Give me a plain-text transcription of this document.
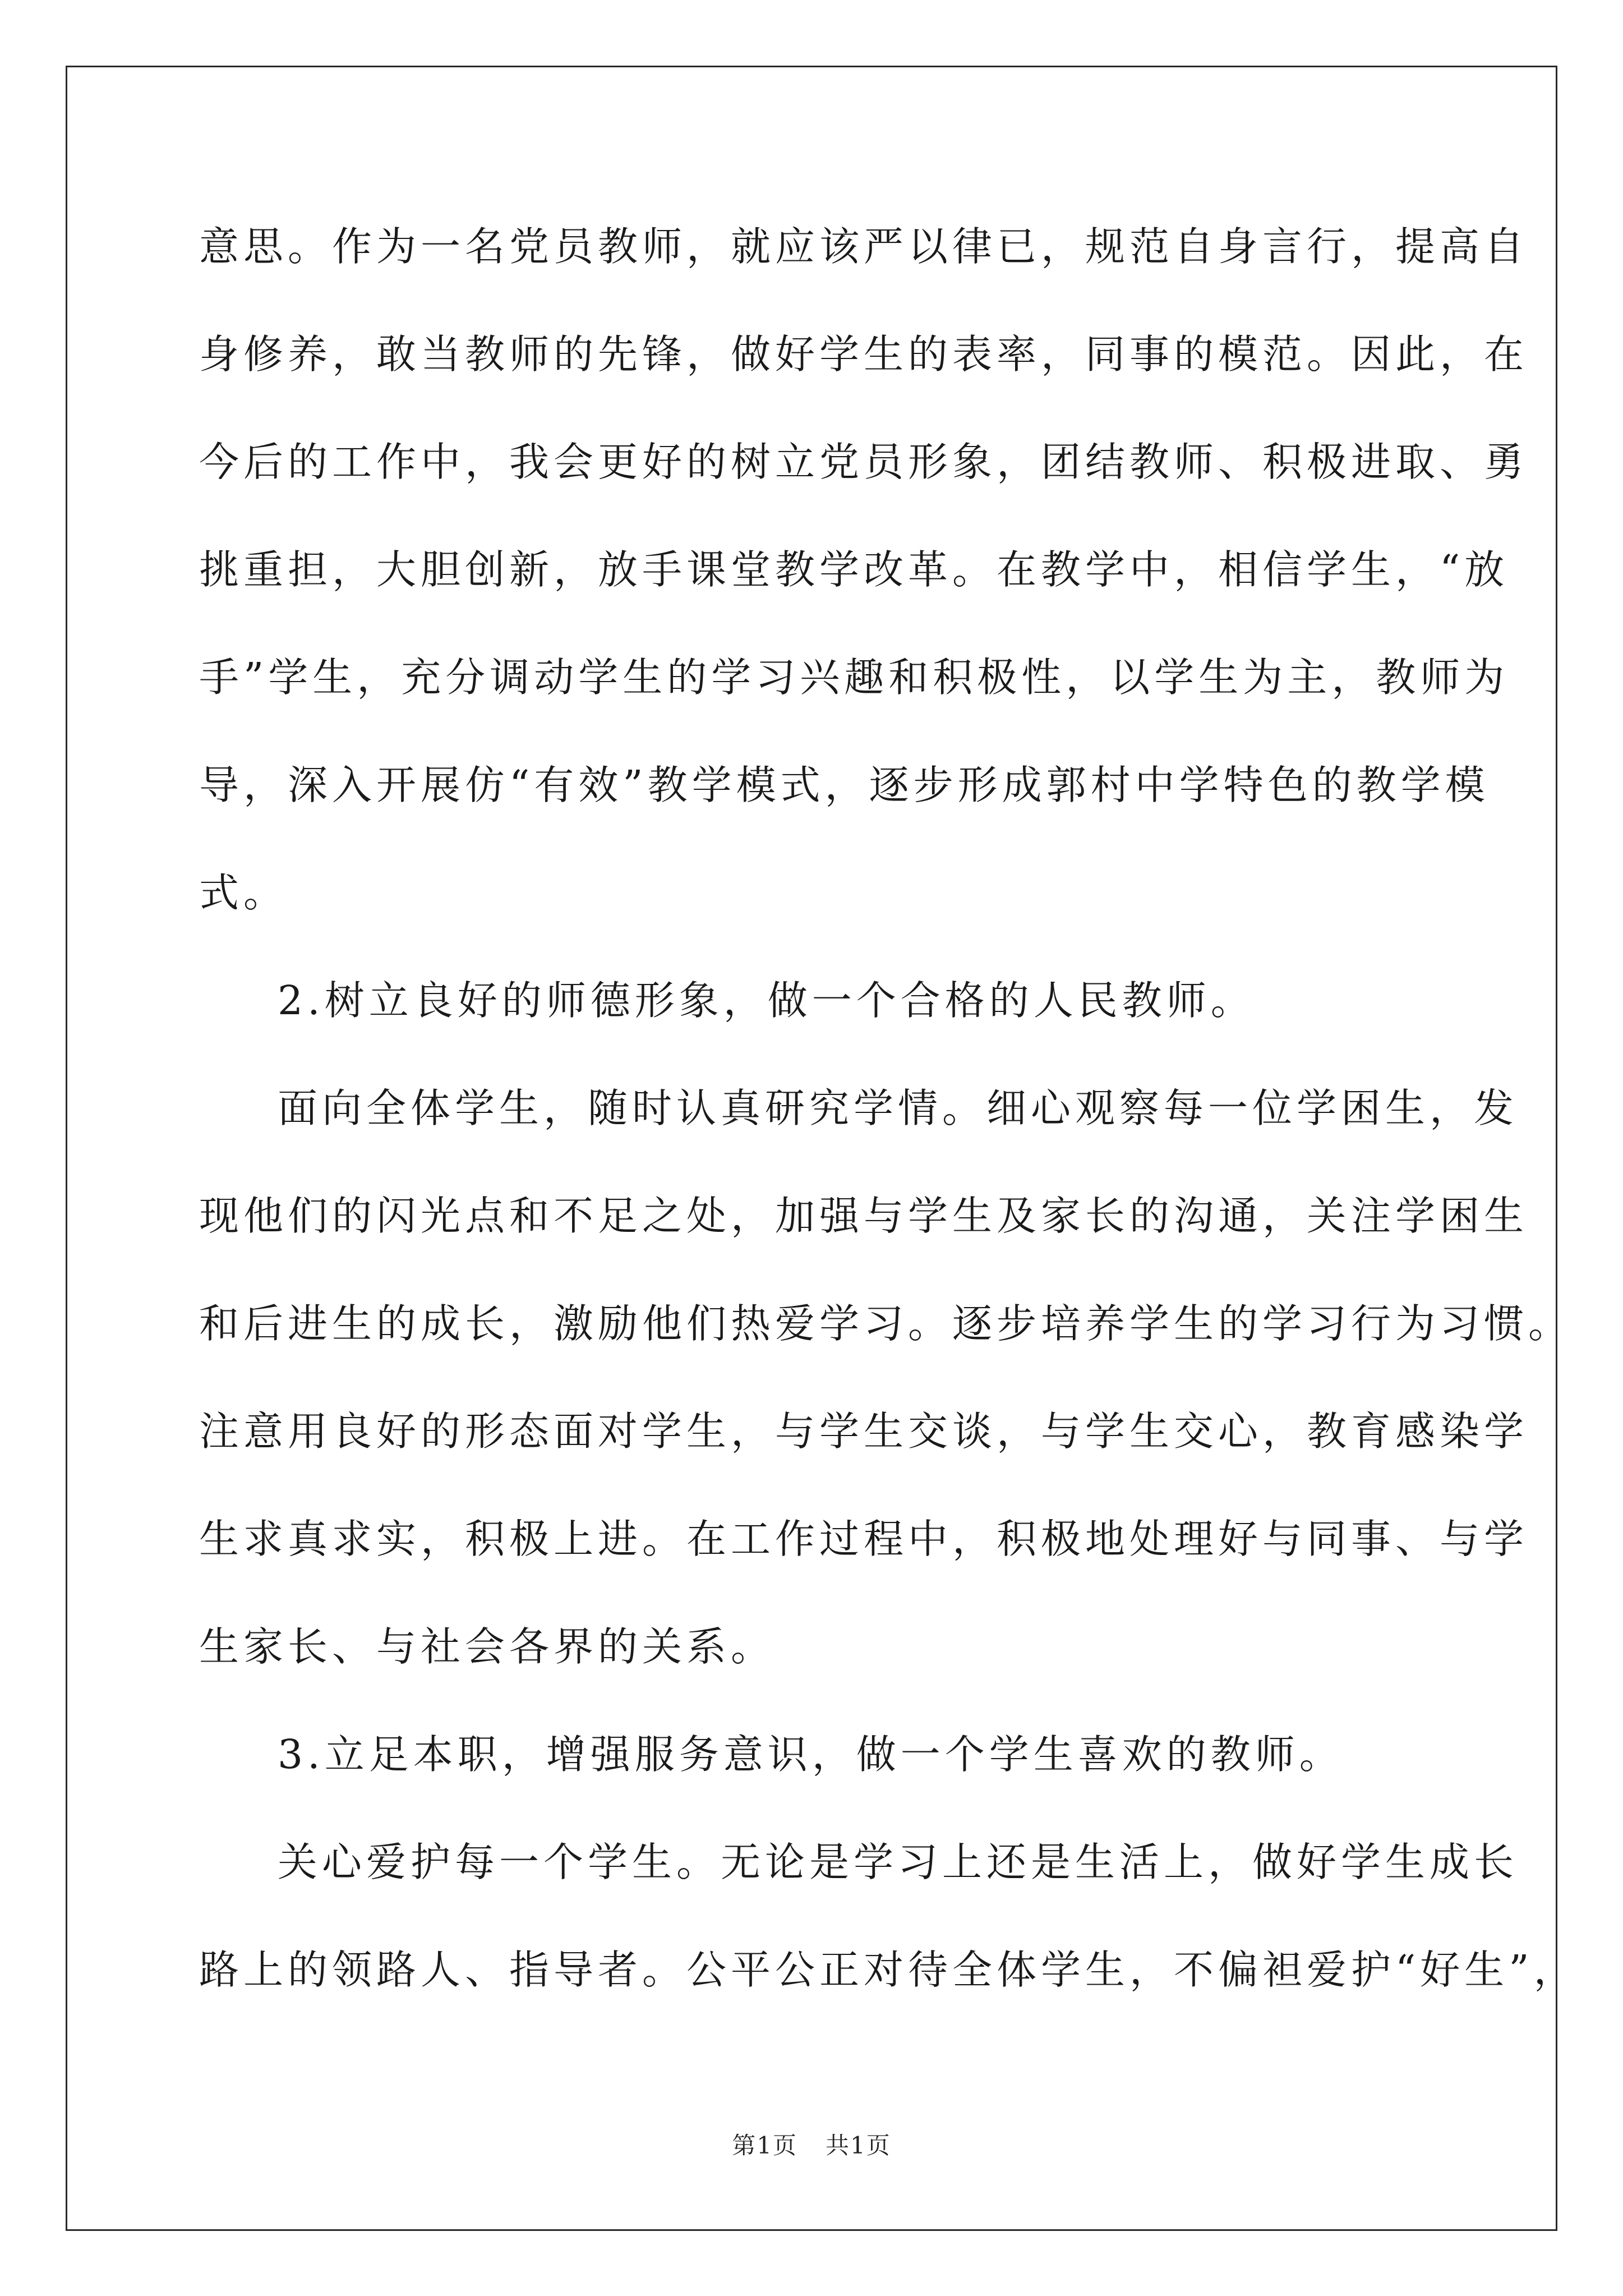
意思。作为一名党员教师，就应该严以律已，规范自身言行，提高自
身修养，敢当教师的先锋，做好学生的表率，同事的模范。因此，在
今后的工作中，我会更好的树立党员形象，团结教师、积极进取、勇
挑重担，大胆创新，放手课堂教学改革。在教学中，相信学生，“放
手”学生，充分调动学生的学习兴趣和积极性，以学生为主，教师为
导，深入开展仿“有效”教学模式，逐步形成郭村中学特色的教学模
式。
2.树立良好的师德形象，做一个合格的人民教师。
面向全体学生，随时认真研究学情。细心观察每一位学困生，发
现他们的闪光点和不足之处，加强与学生及家长的沟通，关注学困生
和后进生的成长，激励他们热爱学习。逐步培养学生的学习行为习惯。
注意用良好的形态面对学生，与学生交谈，与学生交心，教育感染学
生求真求实，积极上进。在工作过程中，积极地处理好与同事、与学
生家长、与社会各界的关系。
3.立足本职，增强服务意识，做一个学生喜欢的教师。
关心爱护每一个学生。无论是学习上还是生活上，做好学生成长
路上的领路人、指导者。公平公正对待全体学生，不偏袒爱护“好生”，
第1页 共1页
